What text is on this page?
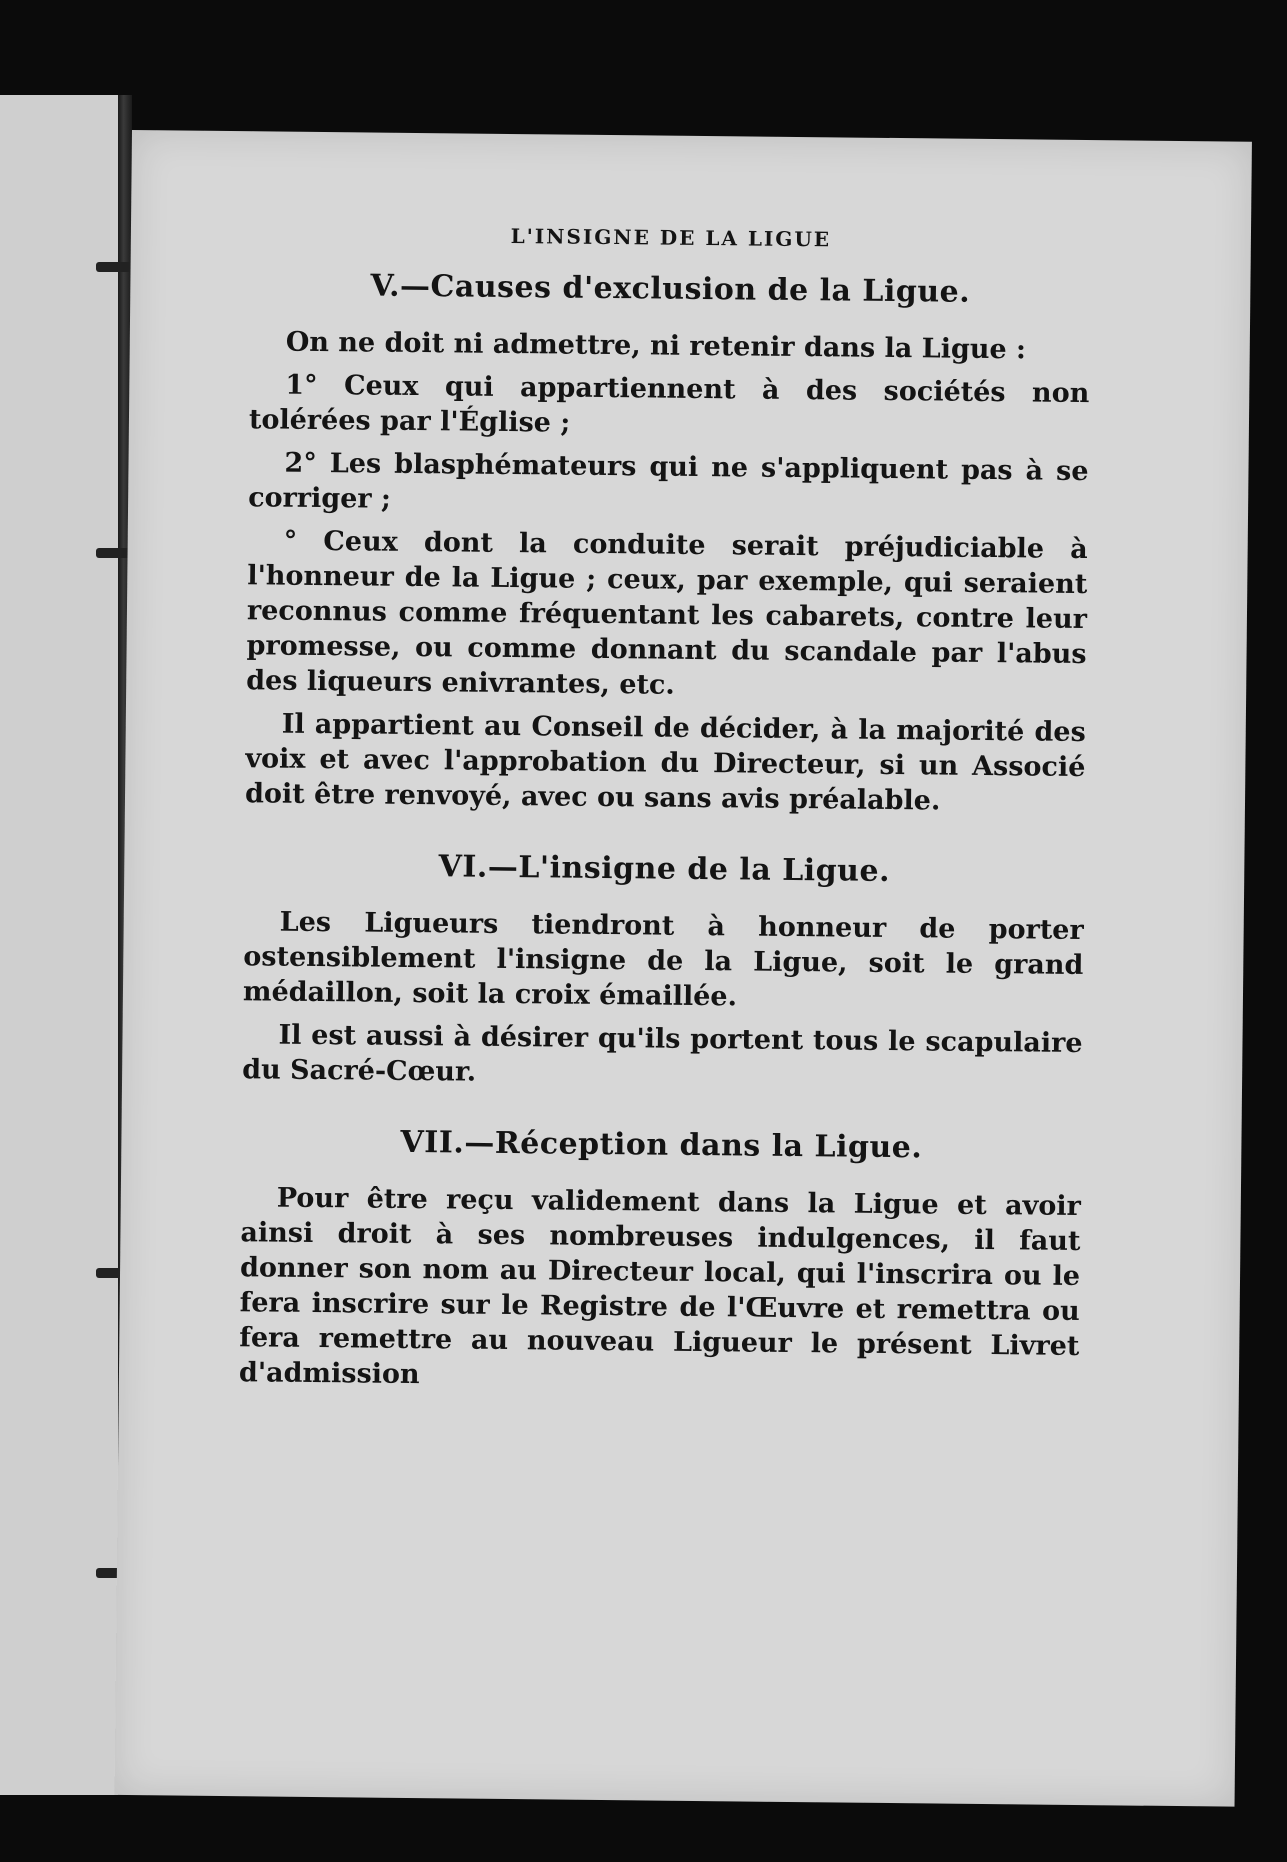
L'INSIGNE DE LA LIGUE
V.—Causes d'exclusion de la Ligue.

On ne doit ni admettre, ni retenir dans la Ligue :

1° Ceux qui appartiennent à des sociétés non tolérées par l'Église ;

2° Les blasphémateurs qui ne s'appliquent pas à se corriger ;

° Ceux dont la conduite serait préjudiciable à l'honneur de la Ligue ; ceux, par exemple, qui seraient reconnus comme fréquentant les cabarets, contre leur promesse, ou comme donnant du scandale par l'abus des liqueurs enivrantes, etc.

Il appartient au Conseil de décider, à la majorité des voix et avec l'approbation du Directeur, si un Associé doit être renvoyé, avec ou sans avis préalable.

VI.—L'insigne de la Ligue.

Les Ligueurs tiendront à honneur de porter ostensiblement l'insigne de la Ligue, soit le grand médaillon, soit la croix émaillée.

Il est aussi à désirer qu'ils portent tous le scapulaire du Sacré-Cœur.

VII.—Réception dans la Ligue.

Pour être reçu validement dans la Ligue et avoir ainsi droit à ses nombreuses indulgences, il faut donner son nom au Directeur local, qui l'inscrira ou le fera inscrire sur le Registre de l'Œuvre et remettra ou fera remettre au nouveau Ligueur le présent Livret d'admission
